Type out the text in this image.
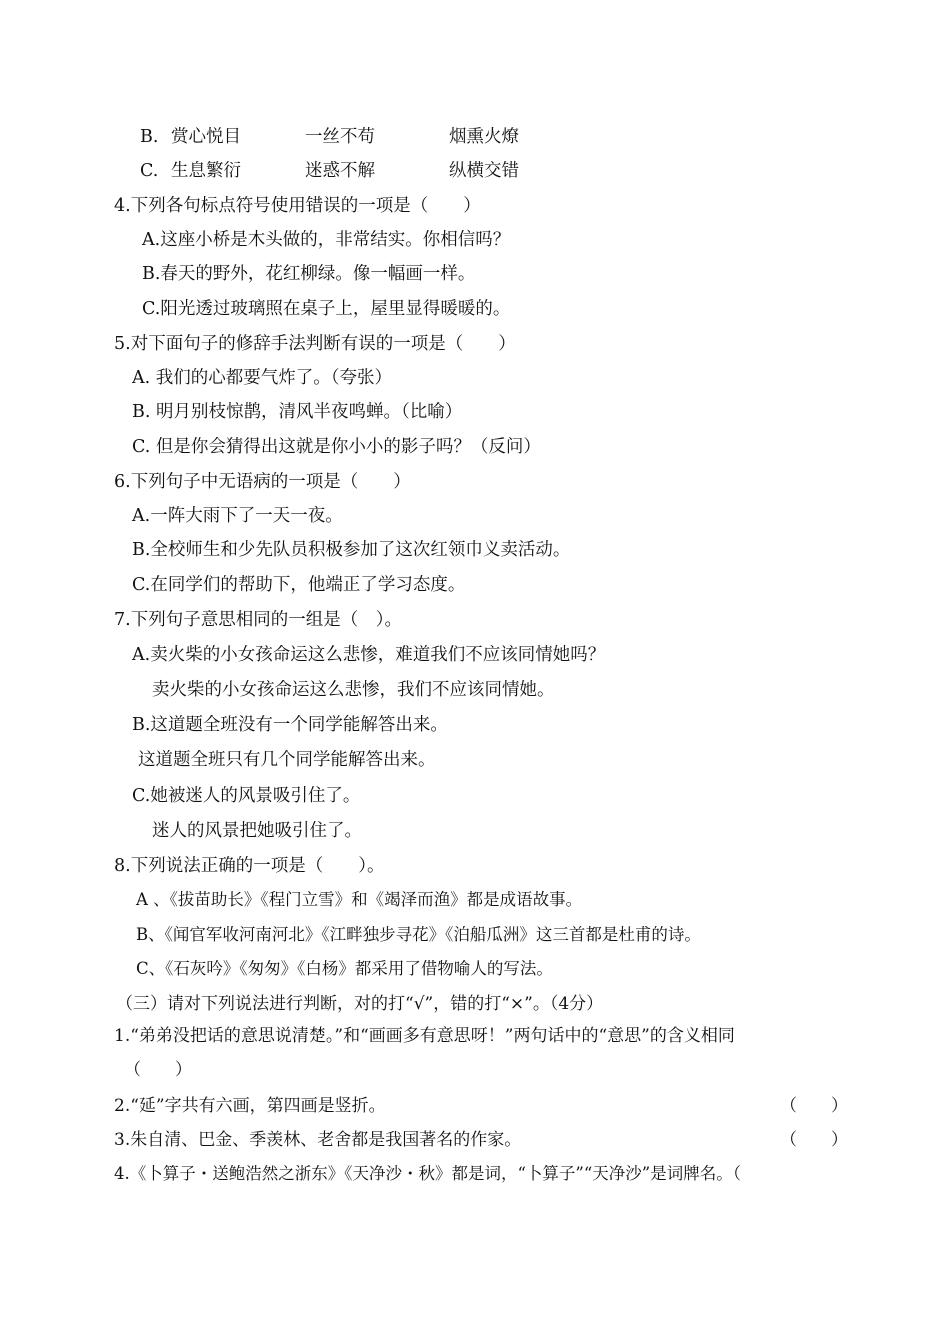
B. 赏心悦目	一丝不苟	烟熏火燎
C. 生息繁衍	迷惑不解	纵横交错
4.下列各句标点符号使用错误的一项是（　　）
A.这座小桥是木头做的，非常结实。你相信吗？
B.春天的野外，花红柳绿。像一幅画一样。
C.阳光透过玻璃照在桌子上，屋里显得暖暖的。
5.对下面句子的修辞手法判断有误的一项是（　　）
A. 我们的心都要气炸了。（夸张）
B. 明月别枝惊鹊，清风半夜鸣蝉。（比喻）
C. 但是你会猜得出这就是你小小的影子吗？（反问）
6.下列句子中无语病的一项是（　　）
A.一阵大雨下了一天一夜。
B.全校师生和少先队员积极参加了这次红领巾义卖活动。
C.在同学们的帮助下，他端正了学习态度。
7.下列句子意思相同的一组是（　）。
A.卖火柴的小女孩命运这么悲惨，难道我们不应该同情她吗？
卖火柴的小女孩命运这么悲惨，我们不应该同情她。
B.这道题全班没有一个同学能解答出来。
这道题全班只有几个同学能解答出来。
C.她被迷人的风景吸引住了。
迷人的风景把她吸引住了。
8.下列说法正确的一项是（　　）。
A 、《拔苗助长》《程门立雪》和《竭泽而渔》都是成语故事。
B、《闻官军收河南河北》《江畔独步寻花》《泊船瓜洲》这三首都是杜甫的诗。
C、《石灰吟》《匆匆》《白杨》都采用了借物喻人的写法。
（三）请对下列说法进行判断，对的打“√”，错的打“×”。（4分）
1.“弟弟没把话的意思说清楚。”和“画画多有意思呀！”两句话中的“意思”的含义相同
（　　）
2.“延”字共有六画，第四画是竖折。	（　　）
3.朱自清、巴金、季羡林、老舍都是我国著名的作家。	（　　）
4.《卜算子・送鲍浩然之浙东》《天净沙・秋》都是词，“卜算子”“天净沙”是词牌名。（
